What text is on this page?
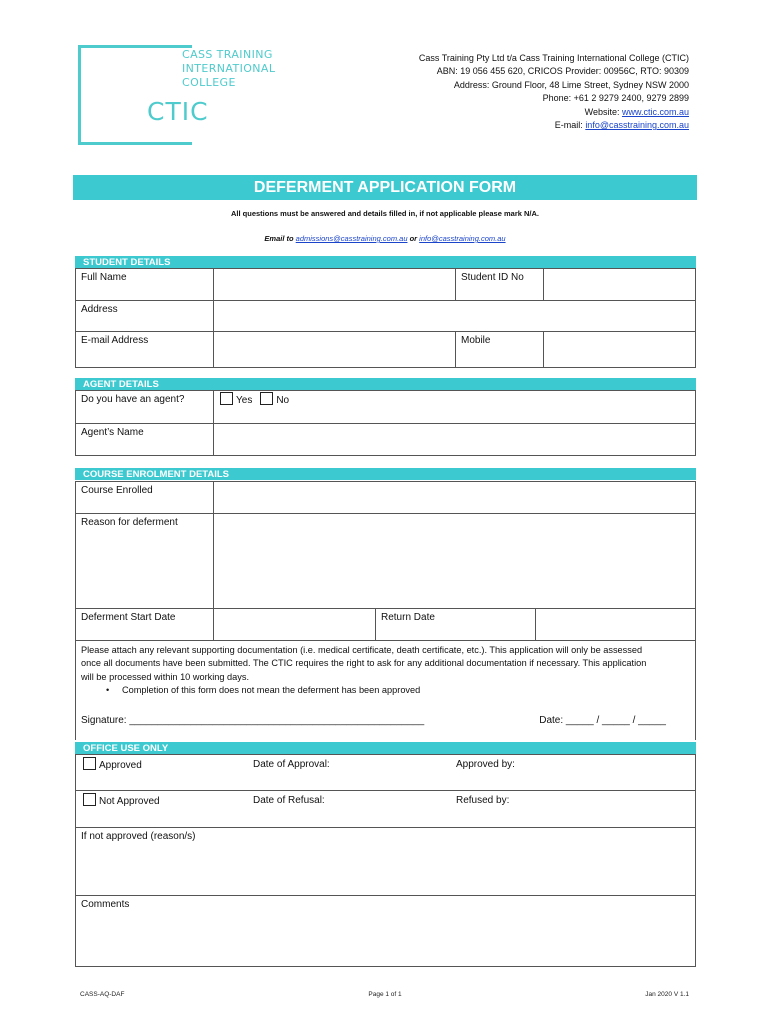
CASS TRAINING
INTERNATIONAL
COLLEGE
CTIC
Cass Training Pty Ltd t/a Cass Training International College (CTIC)
ABN: 19 056 455 620, CRICOS Provider: 00956C, RTO: 90309
Address: Ground Floor, 48 Lime Street, Sydney NSW 2000
Phone: +61 2 9279 2400, 9279 2899
Website: www.ctic.com.au
E-mail: info@casstraining.com.au
DEFERMENT APPLICATION FORM
All questions must be answered and details filled in, if not applicable please mark N/A.
Email to admissions@casstraining.com.au or info@casstraining.com.au
STUDENT DETAILS
Full Name	Student ID No
Address
E-mail Address	Mobile
AGENT DETAILS
Do you have an agent?	Yes No
Agent’s Name
COURSE ENROLMENT DETAILS
Course Enrolled
Reason for deferment
Deferment Start Date	Return Date
Please attach any relevant supporting documentation (i.e. medical certificate, death certificate, etc.). This application will only be assessed
once all documents have been submitted. The CTIC requires the right to ask for any additional documentation if necessary. This application
will be processed within 10 working days.
•     Completion of this form does not mean the deferment has been approved
Signature: _____________________________________________________	Date: _____ / _____ / _____
OFFICE USE ONLY
Approved	Date of Approval:	Approved by:
Not Approved	Date of Refusal:	Refused by:
If not approved (reason/s)
Comments
CASS-AQ-DAF	Page 1 of 1	Jan 2020 V 1.1
